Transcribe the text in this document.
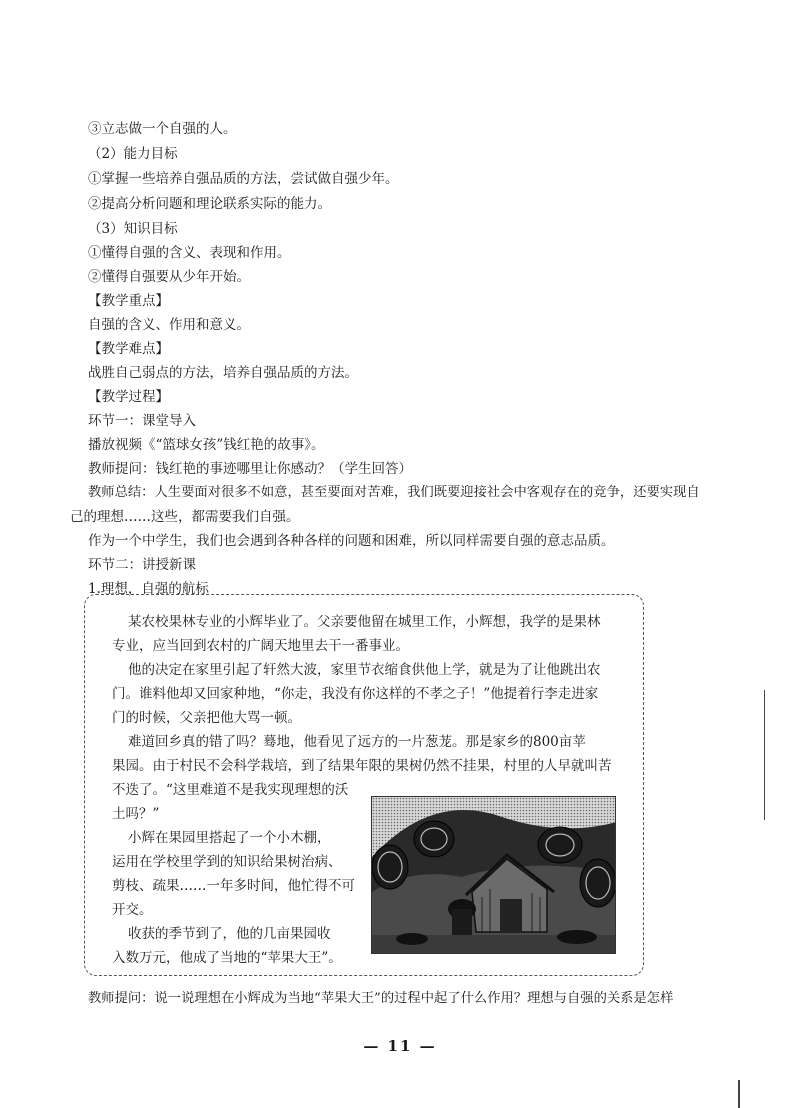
③立志做一个自强的人。
（2）能力目标
①掌握一些培养自强品质的方法，尝试做自强少年。
②提高分析问题和理论联系实际的能力。
（3）知识目标
①懂得自强的含义、表现和作用。
②懂得自强要从少年开始。
【教学重点】
自强的含义、作用和意义。
【教学难点】
战胜自己弱点的方法，培养自强品质的方法。
【教学过程】
环节一：课堂导入
播放视频《“篮球女孩”钱红艳的故事》。
教师提问：钱红艳的事迹哪里让你感动？（学生回答）
教师总结：人生要面对很多不如意，甚至要面对苦难，我们既要迎接社会中客观存在的竞争，还要实现自
己的理想……这些，都需要我们自强。
作为一个中学生，我们也会遇到各种各样的问题和困难，所以同样需要自强的意志品质。
环节二：讲授新课
1.理想，自强的航标
某农校果林专业的小辉毕业了。父亲要他留在城里工作，小辉想，我学的是果林
专业，应当回到农村的广阔天地里去干一番事业。
他的决定在家里引起了轩然大波，家里节衣缩食供他上学，就是为了让他跳出农
门。谁料他却又回家种地，“你走，我没有你这样的不孝之子！”他提着行李走进家
门的时候，父亲把他大骂一顿。
难道回乡真的错了吗？蓦地，他看见了远方的一片葱茏。那是家乡的800亩苹
果园。由于村民不会科学栽培，到了结果年限的果树仍然不挂果，村里的人早就叫苦
不迭了。“这里难道不是我实现理想的沃
土吗？”
小辉在果园里搭起了一个小木棚，
运用在学校里学到的知识给果树治病、
剪枝、疏果……一年多时间，他忙得不可
开交。
收获的季节到了，他的几亩果园收
入数万元，他成了当地的“苹果大王”。
教师提问：说一说理想在小辉成为当地“苹果大王”的过程中起了什么作用？理想与自强的关系是怎样
— 11 —
